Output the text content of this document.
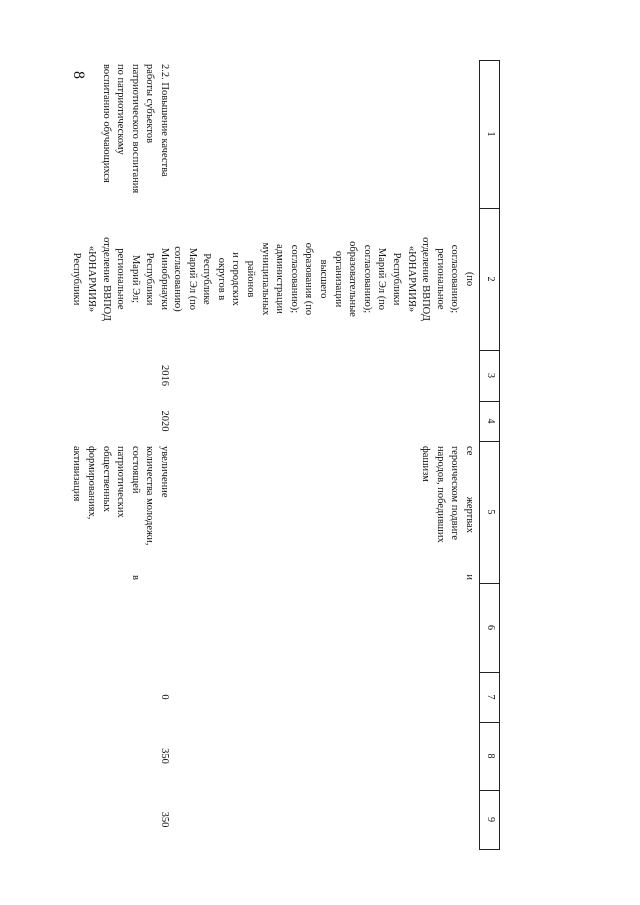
8
1
2
3
4
5
6
7
8
9
(по
согласованию);
региональное
отделение ВВПОД
«ЮНАРМИЯ»
Республики
Марий Эл (по
согласованию);
образовательные
организации
высшего
образования (по
согласованию);
администрации
муниципальных
районов
и городских
округов в
Республике
Марий Эл (по
согласованию)
се
жертвах
и
героическом подвиге
народов, победивших
фашизм
2.2. Повышение качества
работы субъектов
патриотического воспитания
по патриотическому
воспитанию обучающихся
Минобрнауки
Республики
Марий Эл;
региональное
отделение ВВПОД
«ЮНАРМИЯ»
Республики
2016
2020
увеличение
количества молодежи,
состоящей
в
патриотических
общественных
формированиях,
активизация
0
350
350
